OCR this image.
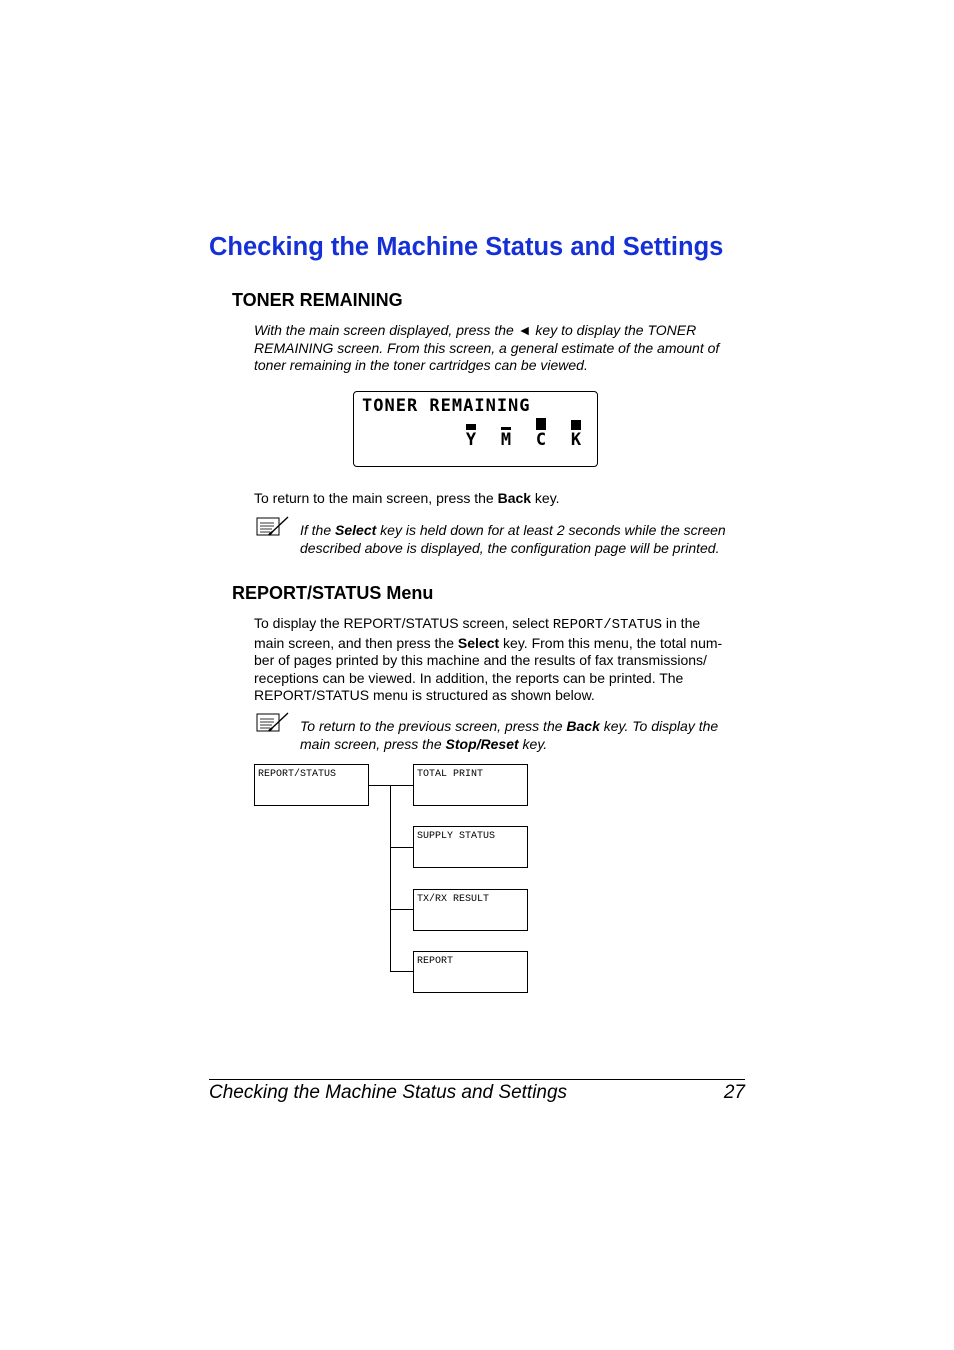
Checking the Machine Status and Settings
TONER REMAINING
With the main screen displayed, press the ◄ key to display the TONER
REMAINING screen. From this screen, a general estimate of the amount of
toner remaining in the toner cartridges can be viewed.
TONER REMAINING
Y M C K
To return to the main screen, press the Back key.
If the Select key is held down for at least 2 seconds while the screen
described above is displayed, the configuration page will be printed.
REPORT/STATUS Menu
To display the REPORT/STATUS screen, select REPORT/STATUS in the
main screen, and then press the Select key. From this menu, the total num-
ber of pages printed by this machine and the results of fax transmissions/
receptions can be viewed. In addition, the reports can be printed. The
REPORT/STATUS menu is structured as shown below.
To return to the previous screen, press the Back key. To display the
main screen, press the Stop/Reset key.
REPORT/STATUS	TOTAL PRINT
SUPPLY STATUS
TX/RX RESULT
REPORT
Checking the Machine Status and Settings	27
